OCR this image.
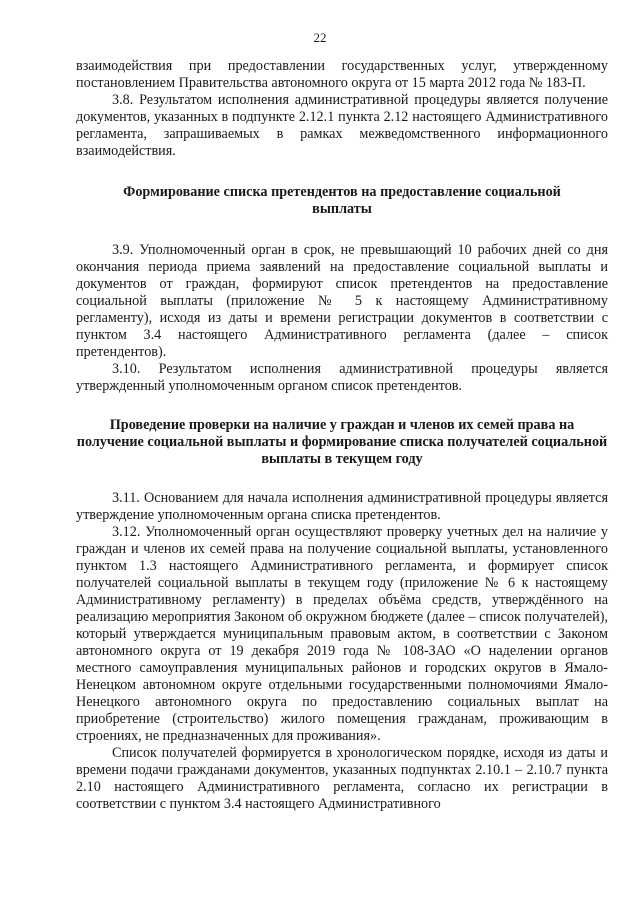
22

взаимодействия при предоставлении государственных услуг, утвержденному постановлением Правительства автономного округа от 15 марта 2012 года № 183-П.

3.8. Результатом исполнения административной процедуры является получение документов, указанных в подпункте 2.12.1 пункта 2.12 настоящего Административного регламента, запрашиваемых в рамках межведомственного информационного взаимодействия.

Формирование списка претендентов на предоставление социальной выплаты

3.9. Уполномоченный орган в срок, не превышающий 10 рабочих дней со дня окончания периода приема заявлений на предоставление социальной выплаты и документов от граждан, формируют список претендентов на предоставление социальной выплаты (приложение № 5 к настоящему Административному регламенту), исходя из даты и времени регистрации документов в соответствии с пунктом 3.4 настоящего Административного регламента (далее – список претендентов).

3.10. Результатом исполнения административной процедуры является утвержденный уполномоченным органом список претендентов.

Проведение проверки на наличие у граждан и членов их семей права на получение социальной выплаты и формирование списка получателей социальной выплаты в текущем году

3.11. Основанием для начала исполнения административной процедуры является утверждение уполномоченным органа списка претендентов.

3.12. Уполномоченный орган осуществляют проверку учетных дел на наличие у граждан и членов их семей права на получение социальной выплаты, установленного пунктом 1.3 настоящего Административного регламента, и формирует список получателей социальной выплаты в текущем году (приложение № 6 к настоящему Административному регламенту) в пределах объёма средств, утверждённого на реализацию мероприятия Законом об окружном бюджете (далее – список получателей), который утверждается муниципальным правовым актом, в соответствии с Законом автономного округа от 19 декабря 2019 года № 108-ЗАО «О наделении органов местного самоуправления муниципальных районов и городских округов в Ямало-Ненецком автономном округе отдельными государственными полномочиями Ямало-Ненецкого автономного округа по предоставлению социальных выплат на приобретение (строительство) жилого помещения гражданам, проживающим в строениях, не предназначенных для проживания».

Список получателей формируется в хронологическом порядке, исходя из даты и времени подачи гражданами документов, указанных подпунктах 2.10.1 – 2.10.7 пункта 2.10 настоящего Административного регламента, согласно их регистрации в соответствии с пунктом 3.4 настоящего Административного
